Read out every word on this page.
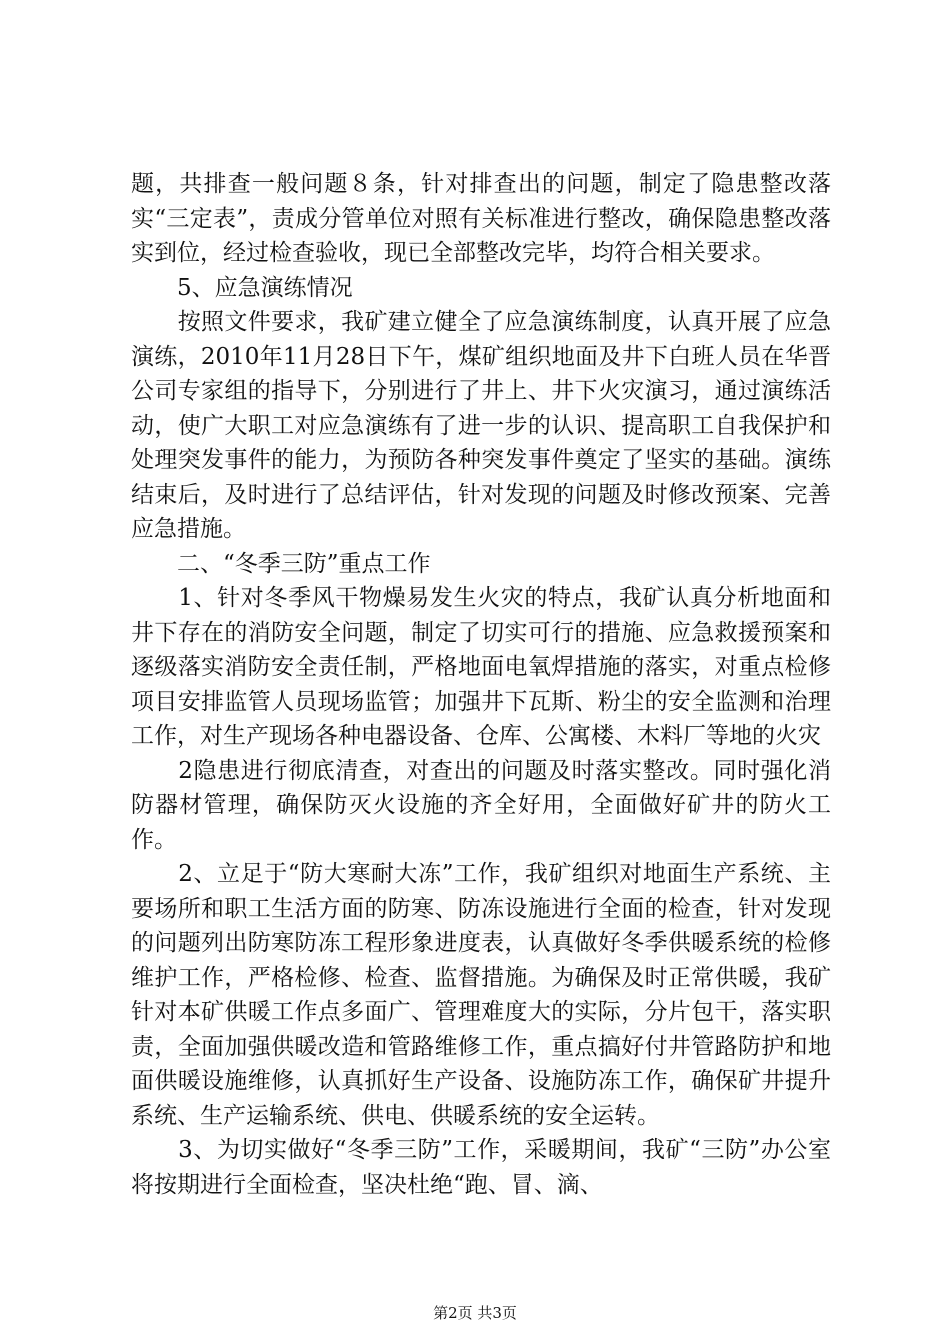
题，共排查一般问题８条，针对排查出的问题，制定了隐患整改落实“三定表”，责成分管单位对照有关标准进行整改，确保隐患整改落实到位，经过检查验收，现已全部整改完毕，均符合相关要求。

　　5、应急演练情况

　　按照文件要求，我矿建立健全了应急演练制度，认真开展了应急演练，2010年11月28日下午，煤矿组织地面及井下白班人员在华晋公司专家组的指导下，分别进行了井上、井下火灾演习，通过演练活动，使广大职工对应急演练有了进一步的认识、提高职工自我保护和处理突发事件的能力，为预防各种突发事件奠定了坚实的基础。演练结束后，及时进行了总结评估，针对发现的问题及时修改预案、完善应急措施。

　　二、“冬季三防”重点工作

　　1、针对冬季风干物燥易发生火灾的特点，我矿认真分析地面和井下存在的消防安全问题，制定了切实可行的措施、应急救援预案和逐级落实消防安全责任制，严格地面电氧焊措施的落实，对重点检修项目安排监管人员现场监管；加强井下瓦斯、粉尘的安全监测和治理工作，对生产现场各种电器设备、仓库、公寓楼、木料厂等地的火灾

　　2隐患进行彻底清查，对查出的问题及时落实整改。同时强化消防器材管理，确保防灭火设施的齐全好用，全面做好矿井的防火工作。

　　2、立足于“防大寒耐大冻”工作，我矿组织对地面生产系统、主要场所和职工生活方面的防寒、防冻设施进行全面的检查，针对发现的问题列出防寒防冻工程形象进度表，认真做好冬季供暖系统的检修维护工作，严格检修、检查、监督措施。为确保及时正常供暖，我矿针对本矿供暖工作点多面广、管理难度大的实际，分片包干，落实职责，全面加强供暖改造和管路维修工作，重点搞好付井管路防护和地面供暖设施维修，认真抓好生产设备、设施防冻工作，确保矿井提升系统、生产运输系统、供电、供暖系统的安全运转。

　　3、为切实做好“冬季三防”工作，采暖期间，我矿“三防”办公室将按期进行全面检查，坚决杜绝“跑、冒、滴、

第2页 共3页
